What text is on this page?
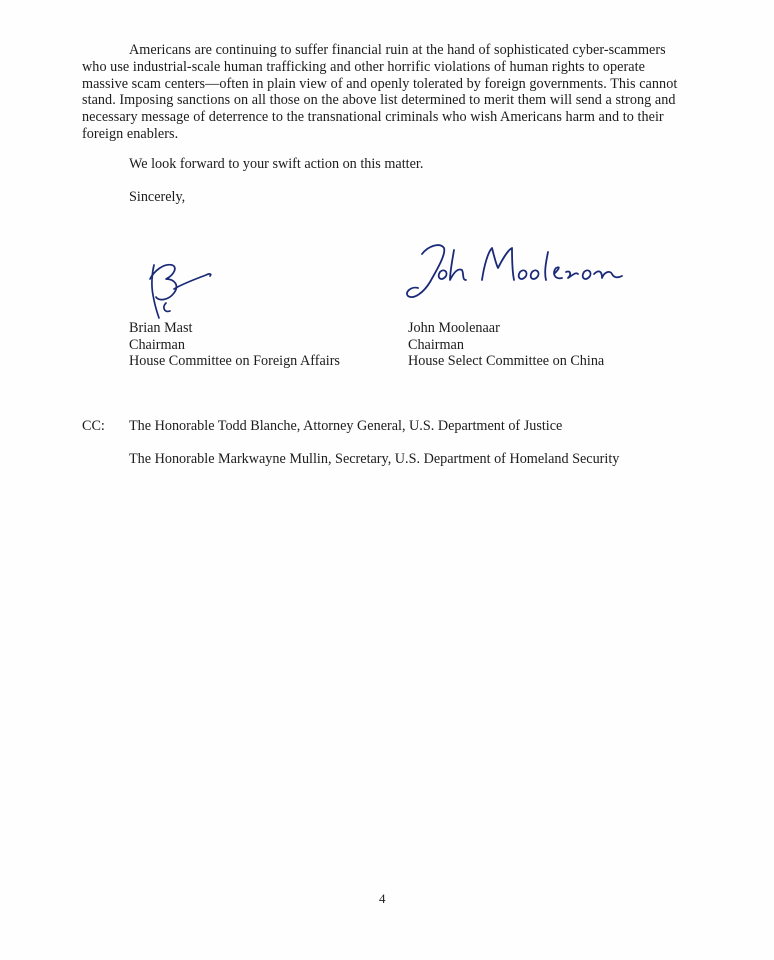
Americans are continuing to suffer financial ruin at the hand of sophisticated cyber-scammers who use industrial-scale human trafficking and other horrific violations of human rights to operate massive scam centers—often in plain view of and openly tolerated by foreign governments. This cannot stand. Imposing sanctions on all those on the above list determined to merit them will send a strong and necessary message of deterrence to the transnational criminals who wish Americans harm and to their foreign enablers.

We look forward to your swift action on this matter.

Sincerely,

Brian Mast
Chairman
House Committee on Foreign Affairs
John Moolenaar
Chairman
House Select Committee on China
CC: The Honorable Todd Blanche, Attorney General, U.S. Department of Justice
The Honorable Markwayne Mullin, Secretary, U.S. Department of Homeland Security
4
